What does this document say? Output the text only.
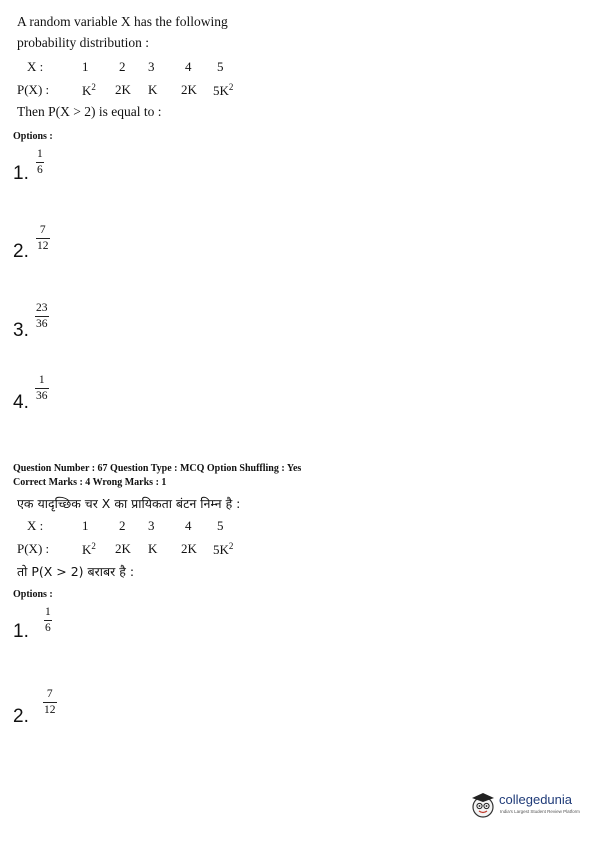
A random variable X has the following
probability distribution :
X :	1 2 3 4 5
P(X) :	$K^2$ 2K K 2K $5K^2$
Then P(X > 2) is equal to :
Options :
1.
1
6
2.
7
12
3.
23
36
4.
1
36
Question Number : 67 Question Type : MCQ Option Shuffling : Yes
Correct Marks : 4 Wrong Marks : 1
एक यादृच्छिक चर X का प्रायिकता बंटन निम्न है :
X :	1 2 3 4 5
P(X) :	$K^2$ 2K K 2K $5K^2$
तो P(X > 2) बराबर है :
Options :
1.
1
6
2.
7
12
collegedunia
India's Largest Student Review Platform
